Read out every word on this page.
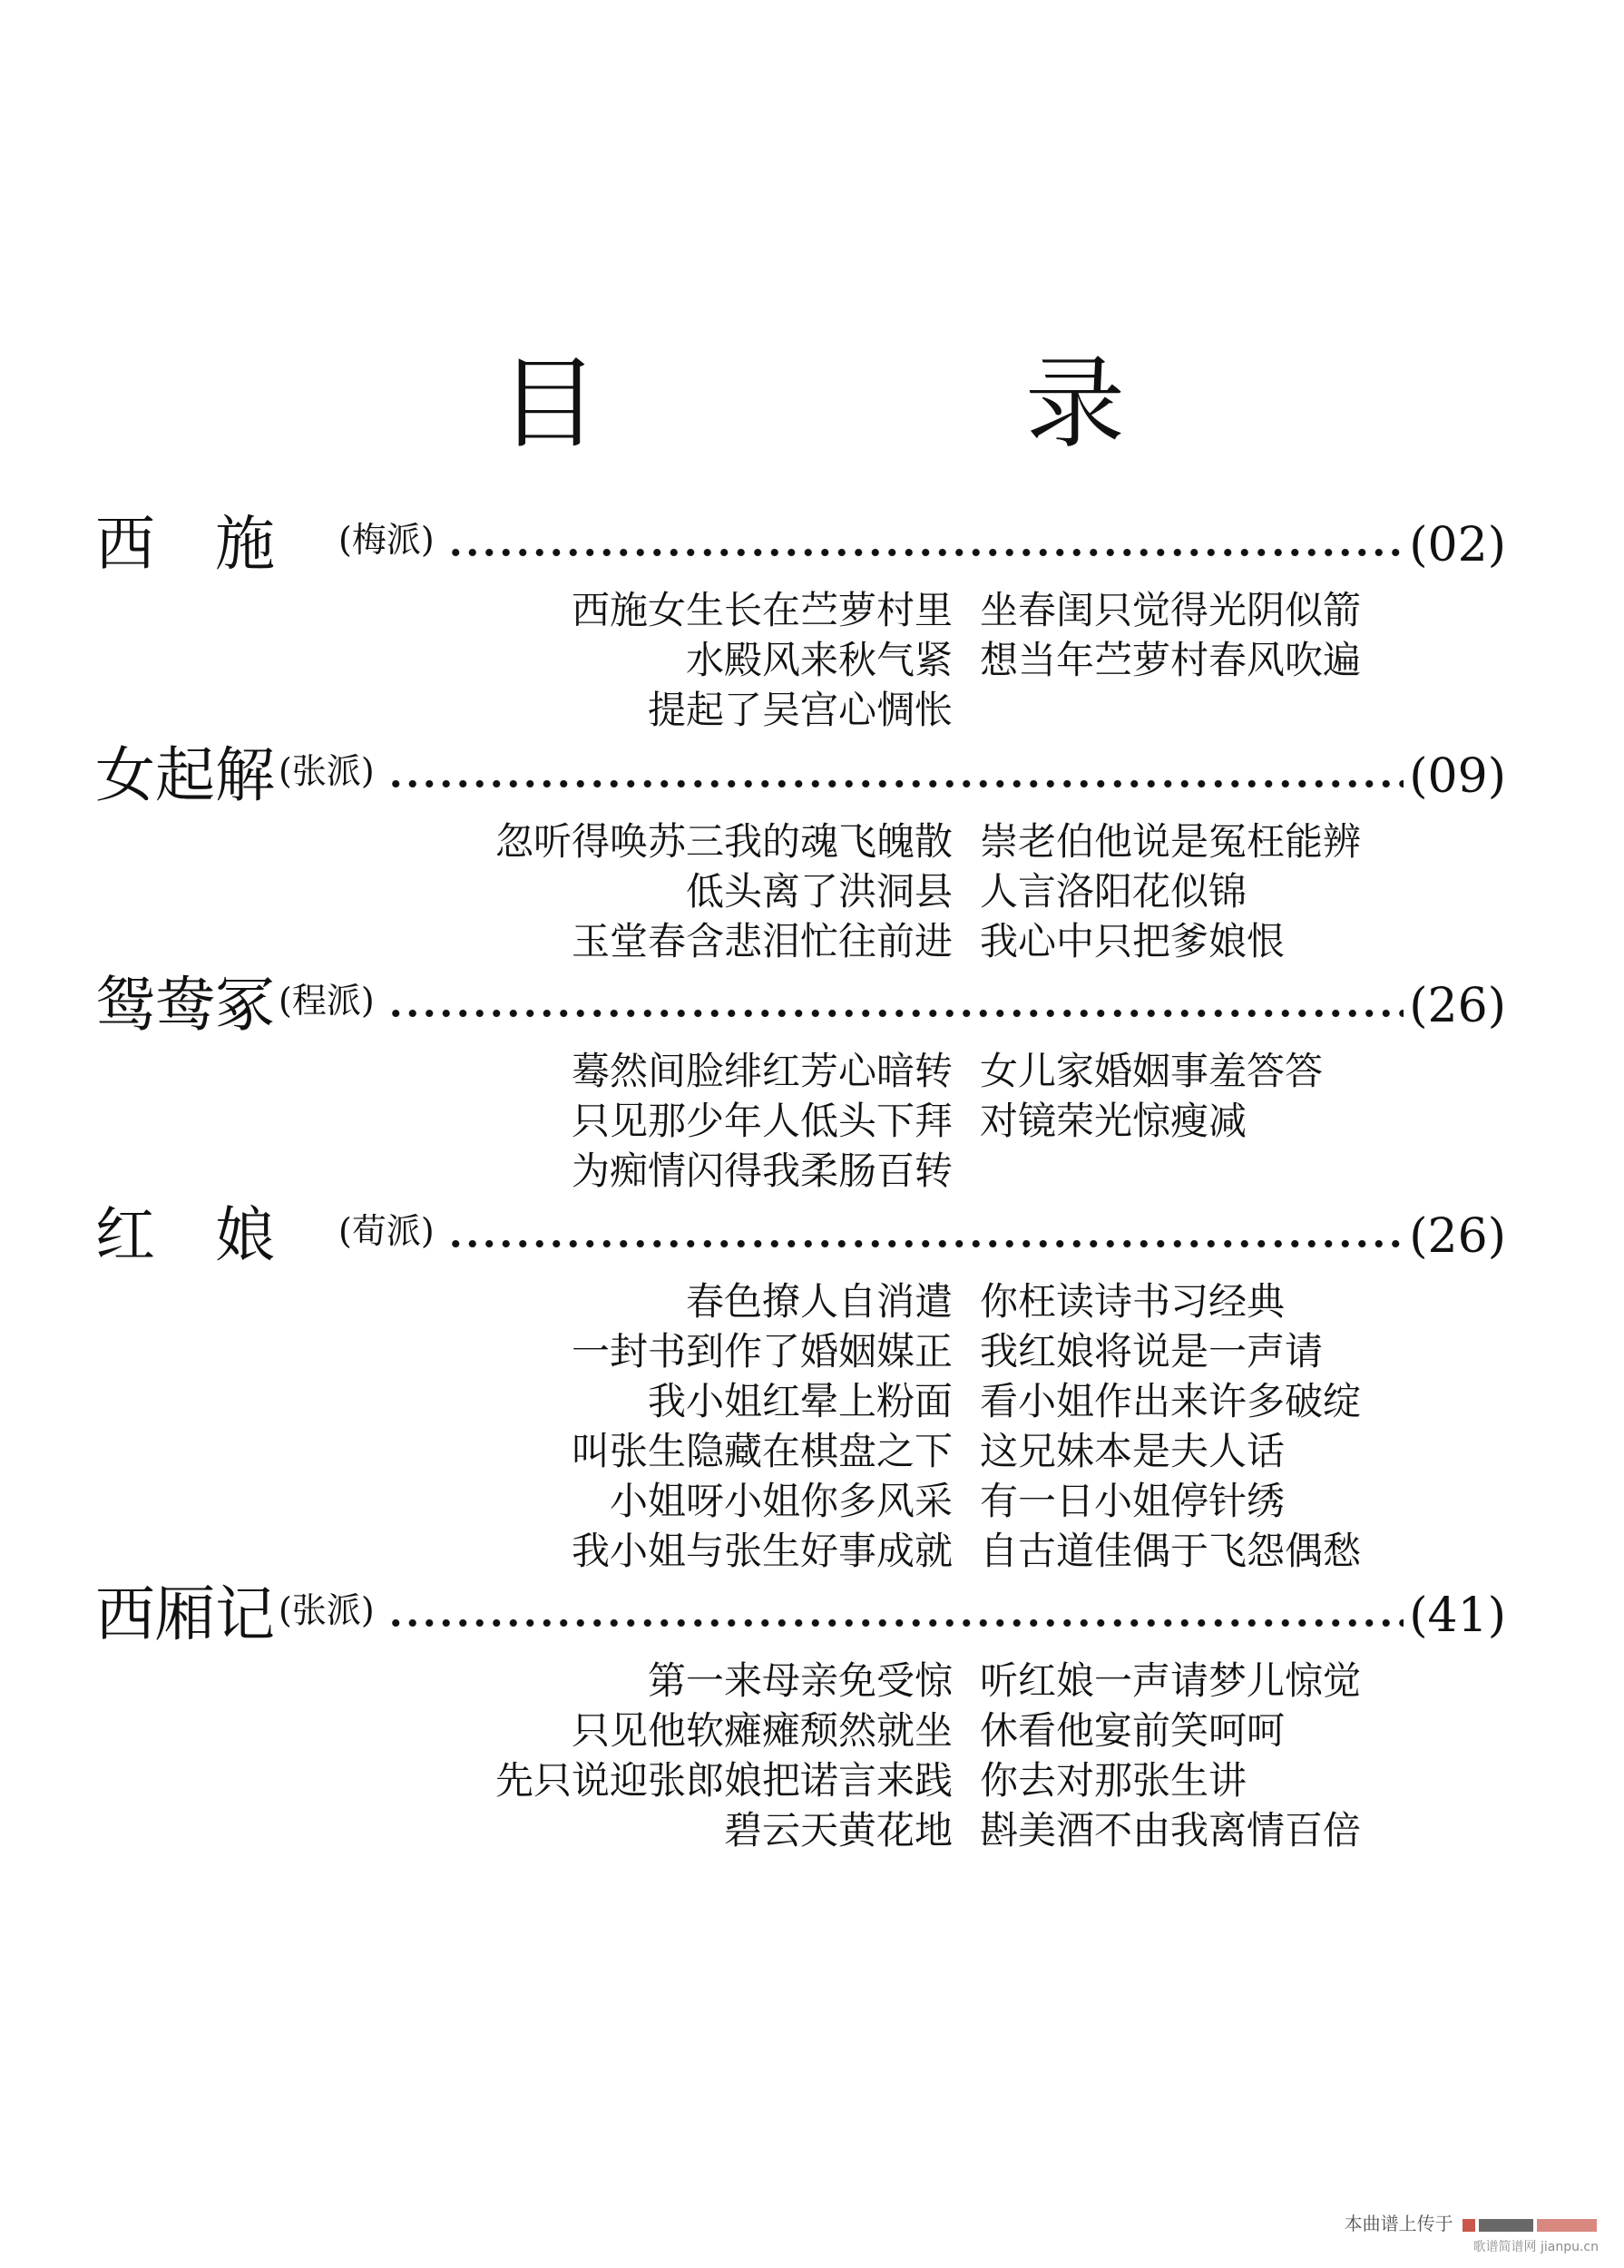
目　录
西施 (梅派)	(02)
西施女生长在苎萝村里 坐春闺只觉得光阴似箭
水殿风来秋气紧 想当年苎萝村春风吹遍
提起了吴宫心惆怅
女起解 (张派)	(09)
忽听得唤苏三我的魂飞魄散 崇老伯他说是冤枉能辨
低头离了洪洞县 人言洛阳花似锦
玉堂春含悲泪忙往前进 我心中只把爹娘恨
鸳鸯冢 (程派)	(26)
蓦然间脸绯红芳心暗转 女儿家婚姻事羞答答
只见那少年人低头下拜 对镜荣光惊瘦减
为痴情闪得我柔肠百转
红娘 (荀派)	(26)
春色撩人自消遣 你枉读诗书习经典
一封书到作了婚姻媒正 我红娘将说是一声请
我小姐红晕上粉面 看小姐作出来许多破绽
叫张生隐藏在棋盘之下 这兄妹本是夫人话
小姐呀小姐你多风采 有一日小姐停针绣
我小姐与张生好事成就 自古道佳偶于飞怨偶愁
西厢记 (张派)	(41)
第一来母亲免受惊 听红娘一声请梦儿惊觉
只见他软瘫瘫颓然就坐 休看他宴前笑呵呵
先只说迎张郎娘把诺言来践 你去对那张生讲
碧云天黄花地 斟美酒不由我离情百倍
本曲谱上传于
歌谱简谱网 jianpu.cn
